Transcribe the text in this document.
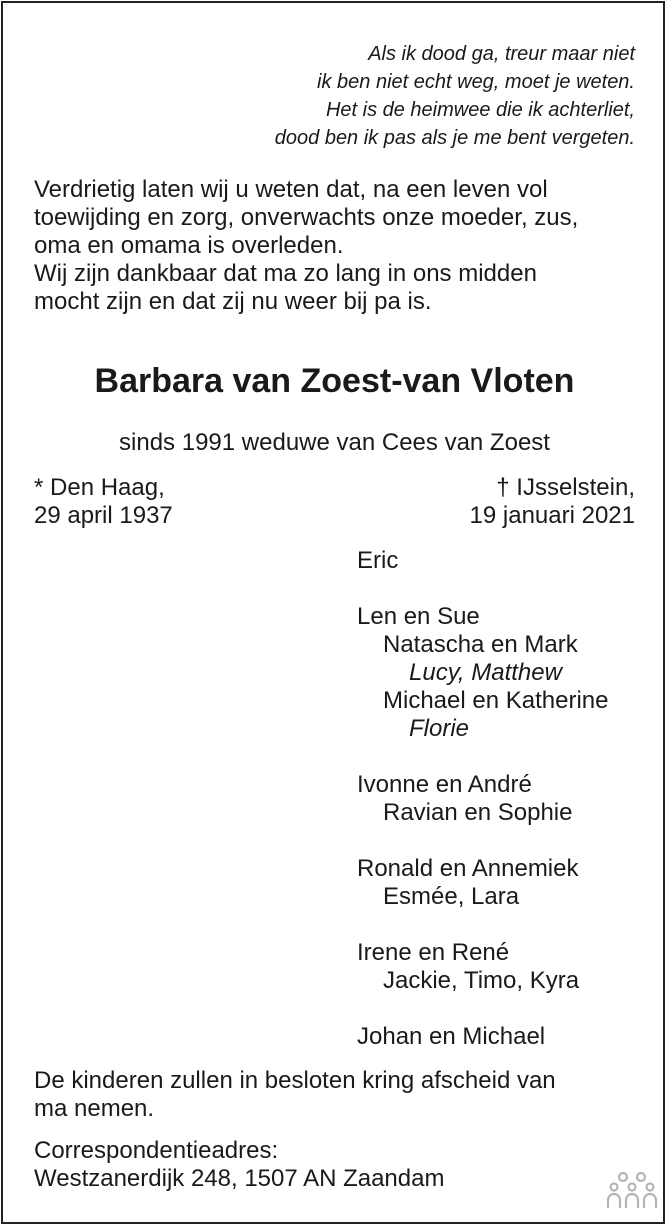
Als ik dood ga, treur maar niet
ik ben niet echt weg, moet je weten.
Het is de heimwee die ik achterliet,
dood ben ik pas als je me bent vergeten.
Verdrietig laten wij u weten dat, na een leven vol
toewijding en zorg, onverwachts onze moeder, zus,
oma en omama is overleden.
Wij zijn dankbaar dat ma zo lang in ons midden
mocht zijn en dat zij nu weer bij pa is.
Barbara van Zoest-van Vloten
sinds 1991 weduwe van Cees van Zoest
* Den Haag,
29 april 1937
† IJsselstein,
19 januari 2021
Eric
Len en Sue
Natascha en Mark
Lucy, Matthew
Michael en Katherine
Florie
Ivonne en André
Ravian en Sophie
Ronald en Annemiek
Esmée, Lara
Irene en René
Jackie, Timo, Kyra
Johan en Michael
De kinderen zullen in besloten kring afscheid van
ma nemen.
Correspondentieadres:
Westzanerdijk 248, 1507 AN Zaandam
